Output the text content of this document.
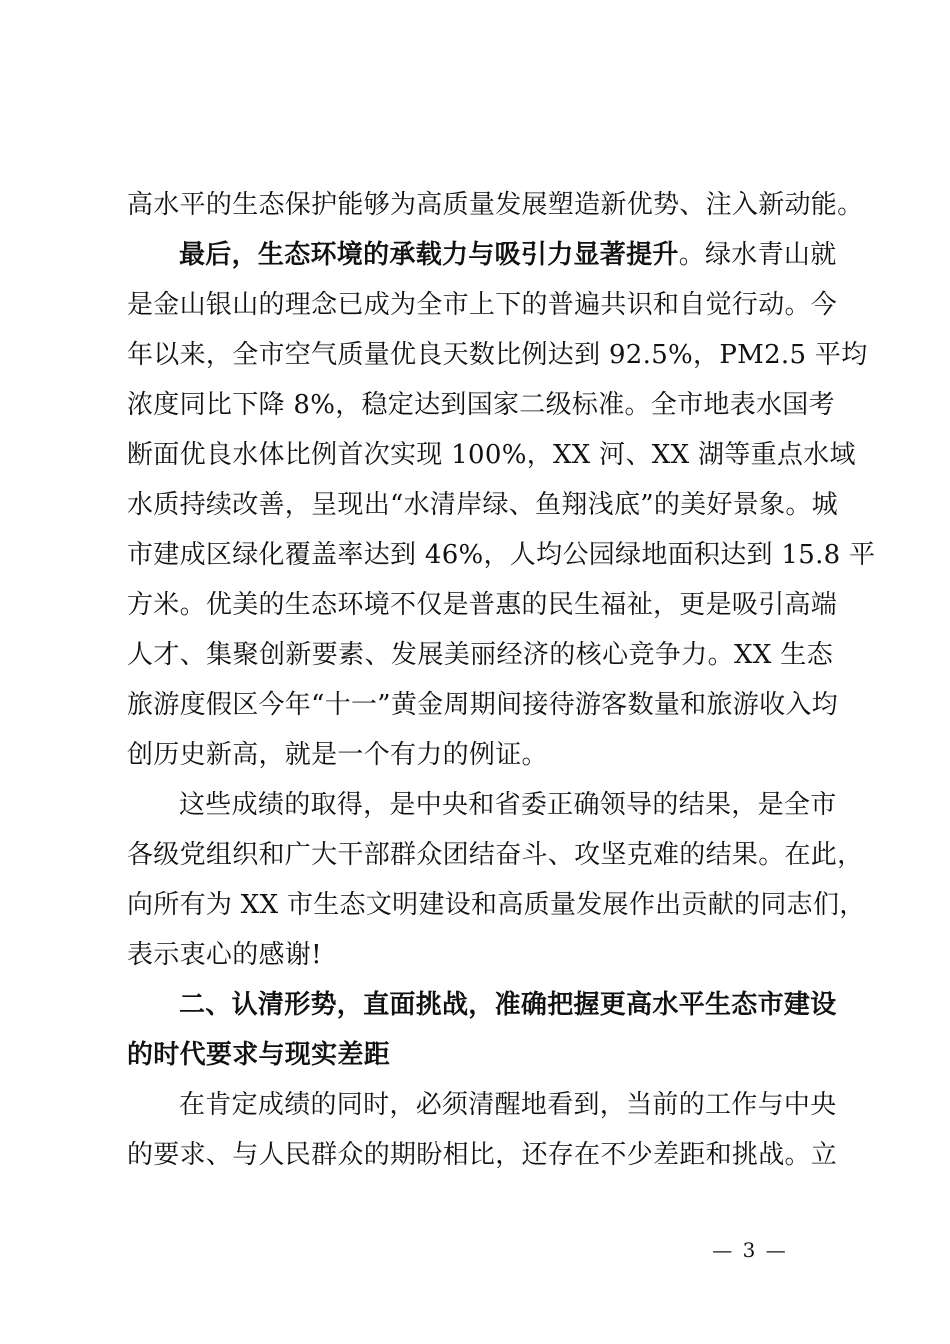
高水平的生态保护能够为高质量发展塑造新优势、注入新动能。
最后，生态环境的承载力与吸引力显著提升。绿水青山就
是金山银山的理念已成为全市上下的普遍共识和自觉行动。今
年以来，全市空气质量优良天数比例达到 92.5%，PM2.5 平均
浓度同比下降 8%，稳定达到国家二级标准。全市地表水国考
断面优良水体比例首次实现 100%，XX 河、XX 湖等重点水域
水质持续改善，呈现出“水清岸绿、鱼翔浅底”的美好景象。城
市建成区绿化覆盖率达到 46%，人均公园绿地面积达到 15.8 平
方米。优美的生态环境不仅是普惠的民生福祉，更是吸引高端
人才、集聚创新要素、发展美丽经济的核心竞争力。XX 生态
旅游度假区今年“十一”黄金周期间接待游客数量和旅游收入均
创历史新高，就是一个有力的例证。
这些成绩的取得，是中央和省委正确领导的结果，是全市
各级党组织和广大干部群众团结奋斗、攻坚克难的结果。在此，
向所有为 XX 市生态文明建设和高质量发展作出贡献的同志们，
表示衷心的感谢!
二、认清形势，直面挑战，准确把握更高水平生态市建设
的时代要求与现实差距
在肯定成绩的同时，必须清醒地看到，当前的工作与中央
的要求、与人民群众的期盼相比，还存在不少差距和挑战。立
— 3 —
